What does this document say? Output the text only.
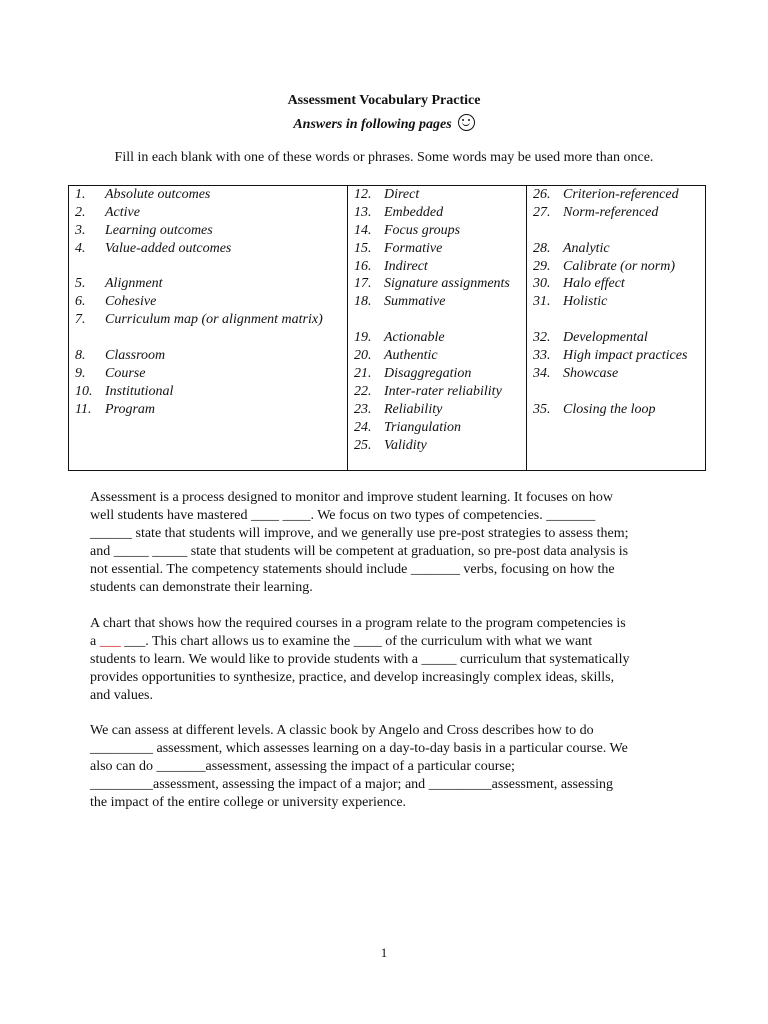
Assessment Vocabulary Practice
Answers in following pages
Fill in each blank with one of these words or phrases. Some words may be used more than once.
1. Absolute outcomes
2. Active
3. Learning outcomes
4. Value-added outcomes
5. Alignment
6. Cohesive
7. Curriculum map (or alignment matrix)
8. Classroom
9. Course
10. Institutional
11. Program
12. Direct
13. Embedded
14. Focus groups
15. Formative
16. Indirect
17. Signature assignments
18. Summative
19. Actionable
20. Authentic
21. Disaggregation
22. Inter-rater reliability
23. Reliability
24. Triangulation
25. Validity
26. Criterion-referenced
27. Norm-referenced
28. Analytic
29. Calibrate (or norm)
30. Halo effect
31. Holistic
32. Developmental
33. High impact practices
34. Showcase
35. Closing the loop
Assessment is a process designed to monitor and improve student learning. It focuses on how
well students have mastered ____ ____. We focus on two types of competencies. _______
______ state that students will improve, and we generally use pre-post strategies to assess them;
and _____ _____ state that students will be competent at graduation, so pre-post data analysis is
not essential. The competency statements should include _______ verbs, focusing on how the
students can demonstrate their learning.
A chart that shows how the required courses in a program relate to the program competencies is
a ___ ___. This chart allows us to examine the ____ of the curriculum with what we want
students to learn. We would like to provide students with a _____ curriculum that systematically
provides opportunities to synthesize, practice, and develop increasingly complex ideas, skills,
and values.
We can assess at different levels. A classic book by Angelo and Cross describes how to do
_________ assessment, which assesses learning on a day-to-day basis in a particular course. We
also can do _______assessment, assessing the impact of a particular course;
_________assessment, assessing the impact of a major; and _________assessment, assessing
the impact of the entire college or university experience.
1
